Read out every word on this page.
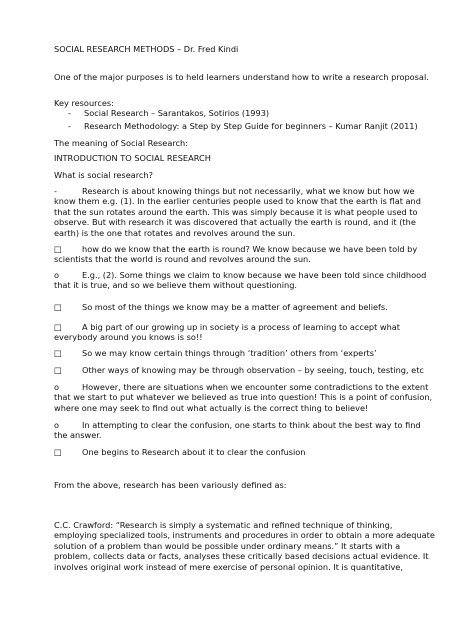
SOCIAL RESEARCH METHODS – Dr. Fred Kindi

One of the major purposes is to held learners understand how to write a research proposal.

Key resources:

- Social Research – Sarantakos, Sotirios (1993)
- Research Methodology: a Step by Step Guide for beginners – Kumar Ranjit (2011)

The meaning of Social Research:

INTRODUCTION TO SOCIAL RESEARCH

What is social research?

-	Research is about knowing things but not necessarily, what we know but how we know them e.g. (1). In the earlier centuries people used to know that the earth is flat and that the sun rotates around the earth. This was simply because it is what people used to observe. But with research it was discovered that actually the earth is round, and it (the earth) is the one that rotates and revolves around the sun.
□	how do we know that the earth is round? We know because we have been told by scientists that the world is round and revolves around the sun.
o	E.g., (2). Some things we claim to know because we have been told since childhood that it is true, and so we believe them without questioning.
□	So most of the things we know may be a matter of agreement and beliefs.
□	A big part of our growing up in society is a process of learning to accept what everybody around you knows is so!!
□	So we may know certain things through ‘tradition’ others from ‘experts’
□	Other ways of knowing may be through observation – by seeing, touch, testing, etc
o	However, there are situations when we encounter some contradictions to the extent that we start to put whatever we believed as true into question! This is a point of confusion, where one may seek to find out what actually is the correct thing to believe!
o	In attempting to clear the confusion, one starts to think about the best way to find the answer.
□	One begins to Research about it to clear the confusion

From the above, research has been variously defined as:

C.C. Crawford: “Research is simply a systematic and refined technique of thinking, employing specialized tools, instruments and procedures in order to obtain a more adequate solution of a problem than would be possible under ordinary means.” It starts with a problem, collects data or facts, analyses these critically based decisions actual evidence. It involves original work instead of mere exercise of personal opinion. It is quantitative,
